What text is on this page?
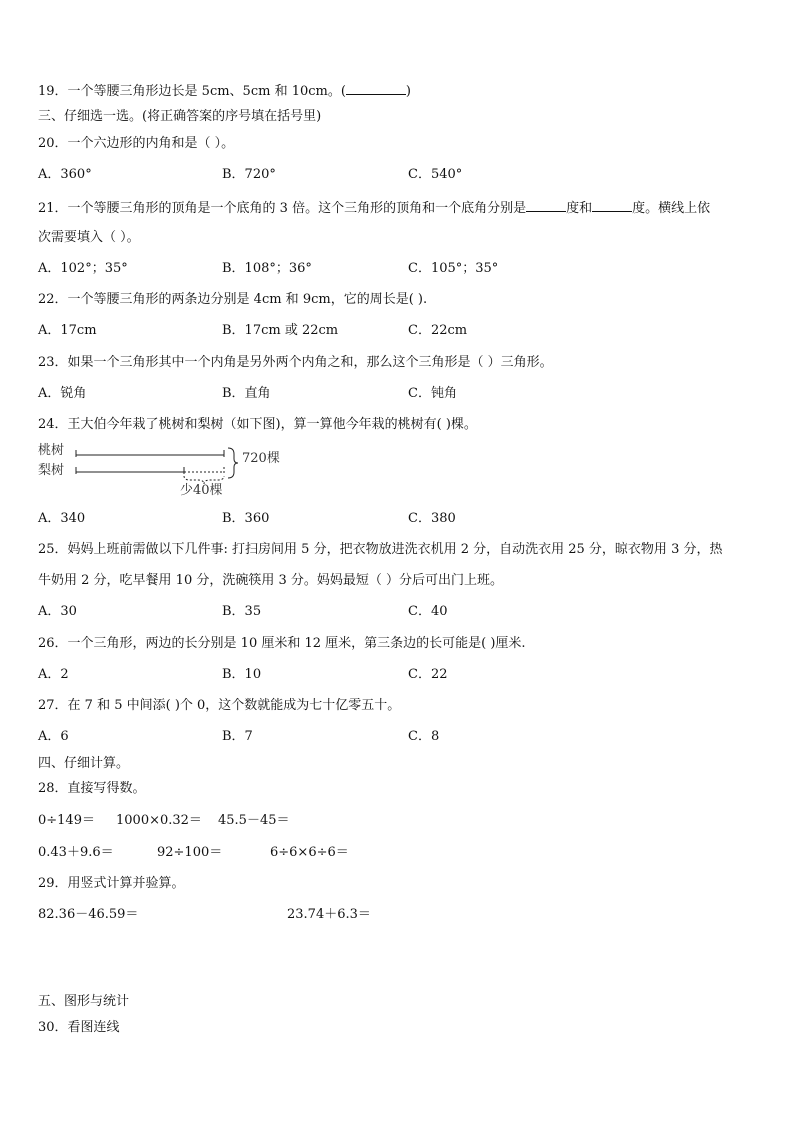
19．一个等腰三角形边长是 5cm、5cm 和 10cm。(	)
三、仔细选一选。(将正确答案的序号填在括号里)
20．一个六边形的内角和是（ ）。
A．360°	B．720°	C．540°
21．一个等腰三角形的顶角是一个底角的 3 倍。这个三角形的顶角和一个底角分别是	度和	度。横线上依
次需要填入（ ）。
A．102°；35°	B．108°；36°	C．105°；35°
22．一个等腰三角形的两条边分别是 4cm 和 9cm，它的周长是( ).
A．17cm	B．17cm 或 22cm	C．22cm
23．如果一个三角形其中一个内角是另外两个内角之和，那么这个三角形是（ ）三角形。
A．锐角	B．直角	C．钝角
24．王大伯今年栽了桃树和梨树（如下图)，算一算他今年栽的桃树有( )棵。
桃树
梨树
720棵
少40棵
A．340	B．360	C．380
25．妈妈上班前需做以下几件事: 打扫房间用 5 分，把衣物放进洗衣机用 2 分，自动洗衣用 25 分，晾衣物用 3 分，热
牛奶用 2 分，吃早餐用 10 分，洗碗筷用 3 分。妈妈最短（ ）分后可出门上班。
A．30	B．35	C．40
26．一个三角形，两边的长分别是 10 厘米和 12 厘米，第三条边的长可能是( )厘米.
A．2	B．10	C．22
27．在 7 和 5 中间添( )个 0，这个数就能成为七十亿零五十。
A．6	B．7	C．8
四、仔细计算。
28．直接写得数。
0÷149＝ 1000×0.32＝ 45.5－45＝
0.43＋9.6＝	92÷100＝	6÷6×6÷6＝
29．用竖式计算并验算。
82.36－46.59＝	23.74＋6.3＝
五、图形与统计
30．看图连线
